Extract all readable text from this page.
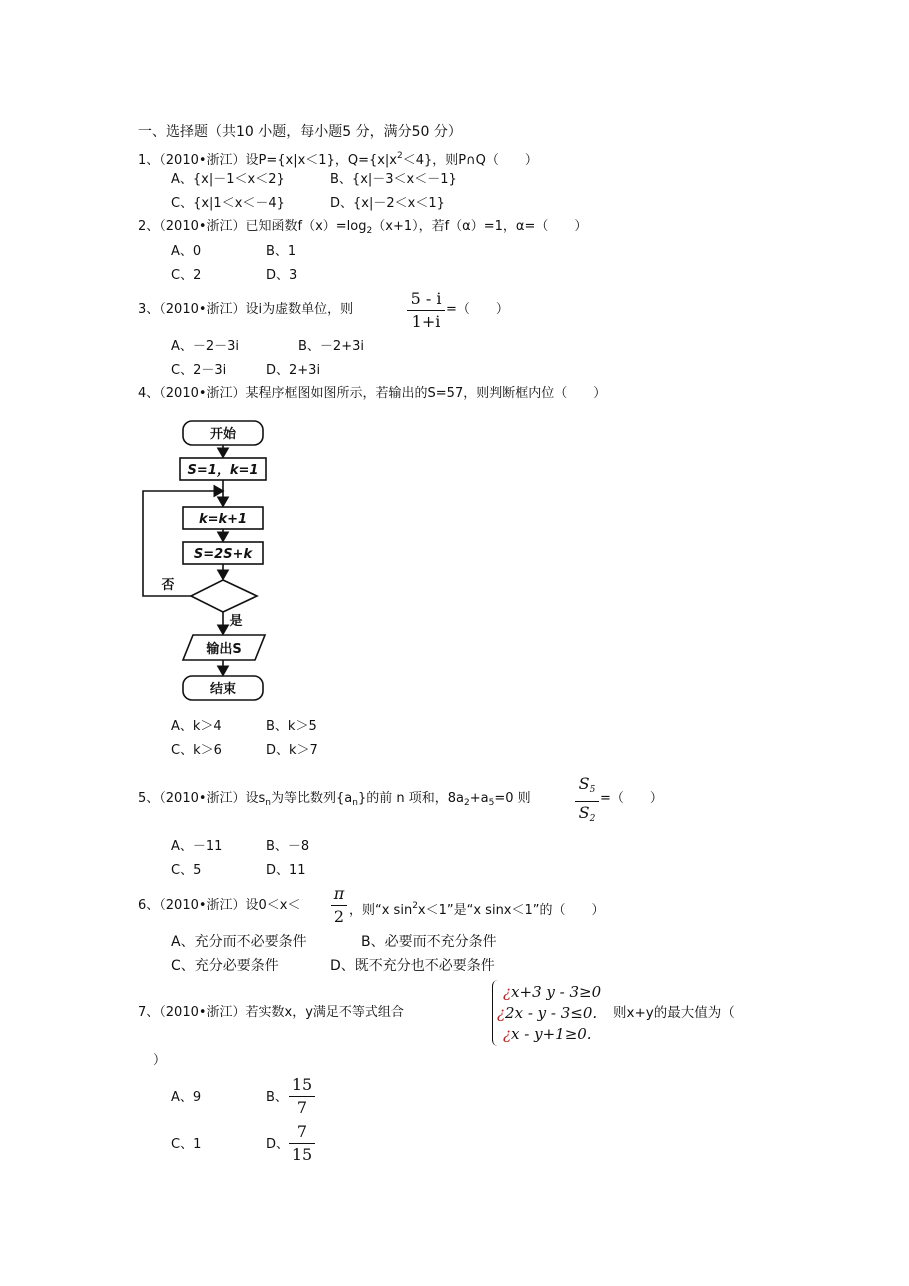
一、选择题（共10 小题，每小题5 分，满分50 分）
1、（2010•浙江）设P={x|x＜1}，$Q=\{x|x^2<4\}$，则P∩Q（　　）
A、{x|－1＜x＜2}	B、{x|－3＜x＜－1}
C、{x|1＜x＜－4}	D、{x|－2＜x＜1}
2、（2010•浙江）已知函数$f(x)=\log_2(x+1)$，若f（α）=1，α=（　　）
A、0	B、1
C、2	D、3
3、（2010•浙江）设i为虚数单位，则
5 - i
1+i
=（　　）
A、－2－3i	B、－2+3i
C、2－3i	D、2+3i
4、（2010•浙江）某程序框图如图所示，若输出的S=57，则判断框内位（　　）
开始
S=1，k=1
k=k+1
S=2S+k
否
是
输出S
结束
A、k＞4	B、k＞5
C、k＞6	D、k＞7
5、（2010•浙江）设$s_n$为等比数列$\{a_n\}$的前 n 项和，$8a_2+a_5=0$ 则
$S_5$
$S_2$
=（　　）
A、－11	B、－8
C、5	D、11
6、（2010•浙江）设0＜x＜
π
2 ，则“x $\sin^2x<1$”是“x sinx＜1”的（　　）
A、充分而不必要条件	B、必要而不充分条件
C、充分必要条件	D、既不充分也不必要条件
7、（2010•浙江）若实数x，y满足不等式组合
¿x+3 y - 3≥0
¿2x - y - 3≤0. 则x+y的最大值为（
¿x - y+1≥0.
）
A、9	B、
15
7
C、1	D、
7
15
